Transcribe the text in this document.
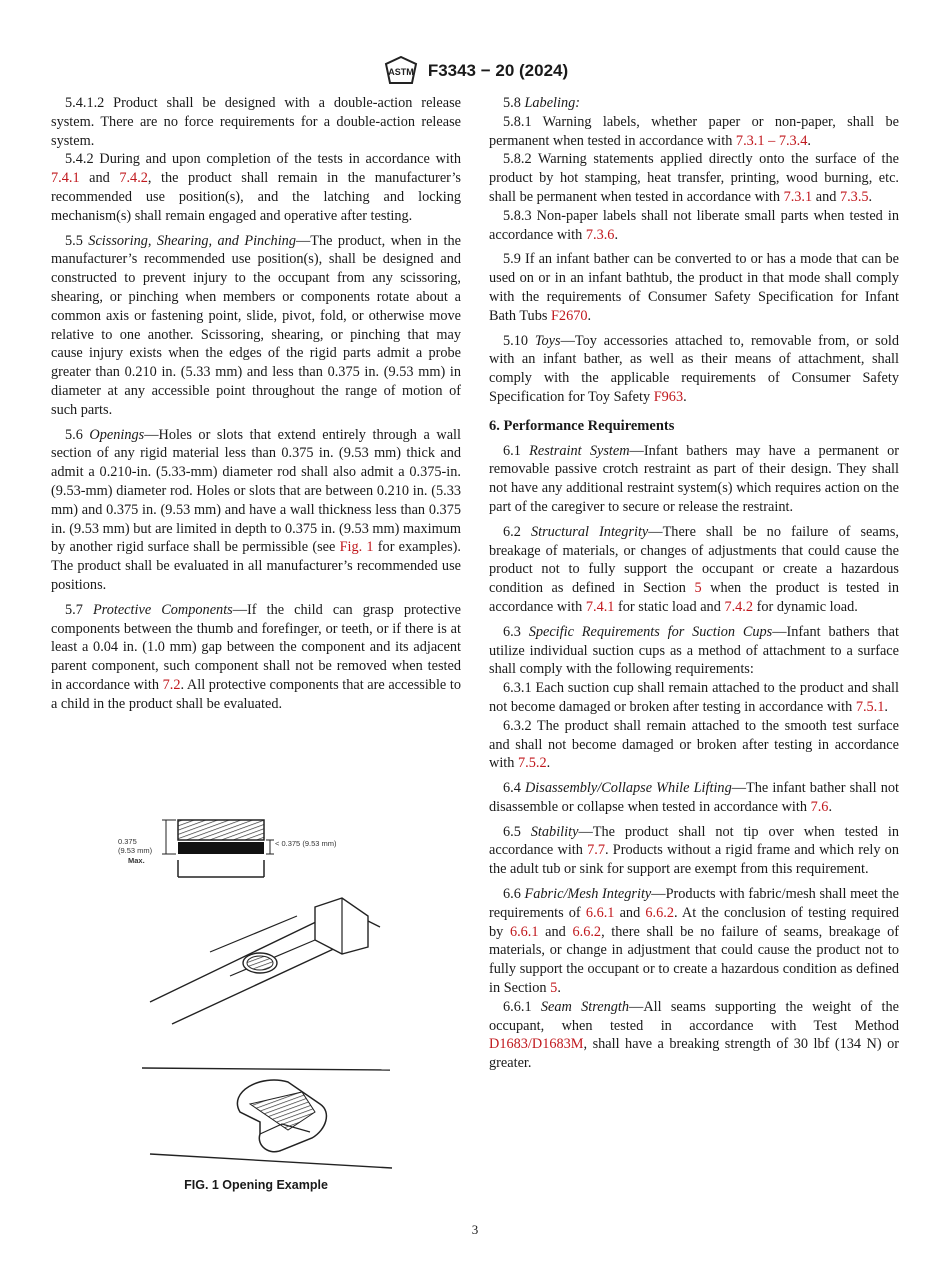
ASTM F3343 − 20 (2024)

5.4.1.2 Product shall be designed with a double-action release system. There are no force requirements for a double-action release system.

5.4.2 During and upon completion of the tests in accordance with 7.4.1 and 7.4.2, the product shall remain in the manufacturer’s recommended use position(s), and the latching and locking mechanism(s) shall remain engaged and operative after testing.

5.5 Scissoring, Shearing, and Pinching—The product, when in the manufacturer’s recommended use position(s), shall be designed and constructed to prevent injury to the occupant from any scissoring, shearing, or pinching when members or components rotate about a common axis or fastening point, slide, pivot, fold, or otherwise move relative to one another. Scissoring, shearing, or pinching that may cause injury exists when the edges of the rigid parts admit a probe greater than 0.210 in. (5.33 mm) and less than 0.375 in. (9.53 mm) in diameter at any accessible point throughout the range of motion of such parts.

5.6 Openings—Holes or slots that extend entirely through a wall section of any rigid material less than 0.375 in. (9.53 mm) thick and admit a 0.210-in. (5.33-mm) diameter rod shall also admit a 0.375-in. (9.53-mm) diameter rod. Holes or slots that are between 0.210 in. (5.33 mm) and 0.375 in. (9.53 mm) and have a wall thickness less than 0.375 in. (9.53 mm) but are limited in depth to 0.375 in. (9.53 mm) maximum by another rigid surface shall be permissible (see Fig. 1 for examples). The product shall be evaluated in all manufacturer’s recommended use positions.

5.7 Protective Components—If the child can grasp protective components between the thumb and forefinger, or teeth, or if there is at least a 0.04 in. (1.0 mm) gap between the component and its adjacent parent component, such component shall not be removed when tested in accordance with 7.2. All protective components that are accessible to a child in the product shall be evaluated.

0.375
(9.53 mm)
Max.
< 0.375 (9.53 mm)
FIG. 1 Opening Example

5.8 Labeling:

5.8.1 Warning labels, whether paper or non-paper, shall be permanent when tested in accordance with 7.3.1 – 7.3.4.

5.8.2 Warning statements applied directly onto the surface of the product by hot stamping, heat transfer, printing, wood burning, etc. shall be permanent when tested in accordance with 7.3.1 and 7.3.5.

5.8.3 Non-paper labels shall not liberate small parts when tested in accordance with 7.3.6.

5.9 If an infant bather can be converted to or has a mode that can be used on or in an infant bathtub, the product in that mode shall comply with the requirements of Consumer Safety Specification for Infant Bath Tubs F2670.

5.10 Toys—Toy accessories attached to, removable from, or sold with an infant bather, as well as their means of attachment, shall comply with the applicable requirements of Consumer Safety Specification for Toy Safety F963.

6. Performance Requirements

6.1 Restraint System—Infant bathers may have a permanent or removable passive crotch restraint as part of their design. They shall not have any additional restraint system(s) which requires action on the part of the caregiver to secure or release the restraint.

6.2 Structural Integrity—There shall be no failure of seams, breakage of materials, or changes of adjustments that could cause the product not to fully support the occupant or create a hazardous condition as defined in Section 5 when the product is tested in accordance with 7.4.1 for static load and 7.4.2 for dynamic load.

6.3 Specific Requirements for Suction Cups—Infant bathers that utilize individual suction cups as a method of attachment to a surface shall comply with the following requirements:

6.3.1 Each suction cup shall remain attached to the product and shall not become damaged or broken after testing in accordance with 7.5.1.

6.3.2 The product shall remain attached to the smooth test surface and shall not become damaged or broken after testing in accordance with 7.5.2.

6.4 Disassembly/Collapse While Lifting—The infant bather shall not disassemble or collapse when tested in accordance with 7.6.

6.5 Stability—The product shall not tip over when tested in accordance with 7.7. Products without a rigid frame and which rely on the adult tub or sink for support are exempt from this requirement.

6.6 Fabric/Mesh Integrity—Products with fabric/mesh shall meet the requirements of 6.6.1 and 6.6.2. At the conclusion of testing required by 6.6.1 and 6.6.2, there shall be no failure of seams, breakage of materials, or change in adjustment that could cause the product not to fully support the occupant or to create a hazardous condition as defined in Section 5.

6.6.1 Seam Strength—All seams supporting the weight of the occupant, when tested in accordance with Test Method D1683/D1683M, shall have a breaking strength of 30 lbf (134 N) or greater.

3
